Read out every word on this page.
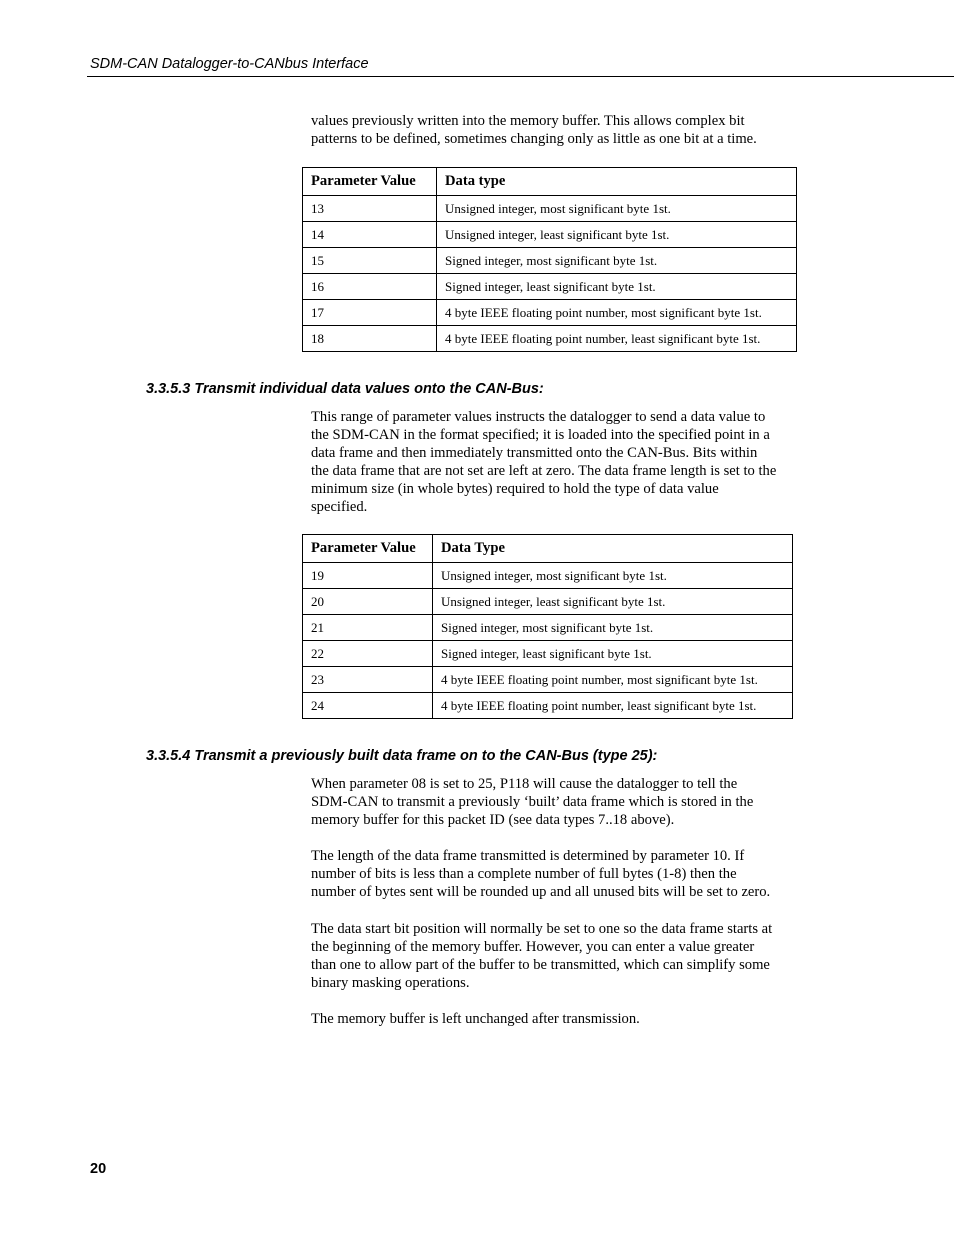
SDM-CAN Datalogger-to-CANbus Interface

values previously written into the memory buffer. This allows complex bit
patterns to be defined, sometimes changing only as little as one bit at a time.

Parameter Value	Data type
13	Unsigned integer, most significant byte 1st.
14	Unsigned integer, least significant byte 1st.
15	Signed integer, most significant byte 1st.
16	Signed integer, least significant byte 1st.
17	4 byte IEEE floating point number, most significant byte 1st.
18	4 byte IEEE floating point number, least significant byte 1st.
3.3.5.3 Transmit individual data values onto the CAN-Bus:

This range of parameter values instructs the datalogger to send a data value to
the SDM-CAN in the format specified; it is loaded into the specified point in a
data frame and then immediately transmitted onto the CAN-Bus. Bits within
the data frame that are not set are left at zero. The data frame length is set to the
minimum size (in whole bytes) required to hold the type of data value
specified.

Parameter Value	Data Type
19	Unsigned integer, most significant byte 1st.
20	Unsigned integer, least significant byte 1st.
21	Signed integer, most significant byte 1st.
22	Signed integer, least significant byte 1st.
23	4 byte IEEE floating point number, most significant byte 1st.
24	4 byte IEEE floating point number, least significant byte 1st.
3.3.5.4 Transmit a previously built data frame on to the CAN-Bus (type 25):

When parameter 08 is set to 25, P118 will cause the datalogger to tell the
SDM-CAN to transmit a previously ‘built’ data frame which is stored in the
memory buffer for this packet ID (see data types 7..18 above).

The length of the data frame transmitted is determined by parameter 10. If
number of bits is less than a complete number of full bytes (1-8) then the
number of bytes sent will be rounded up and all unused bits will be set to zero.

The data start bit position will normally be set to one so the data frame starts at
the beginning of the memory buffer. However, you can enter a value greater
than one to allow part of the buffer to be transmitted, which can simplify some
binary masking operations.

The memory buffer is left unchanged after transmission.

20
